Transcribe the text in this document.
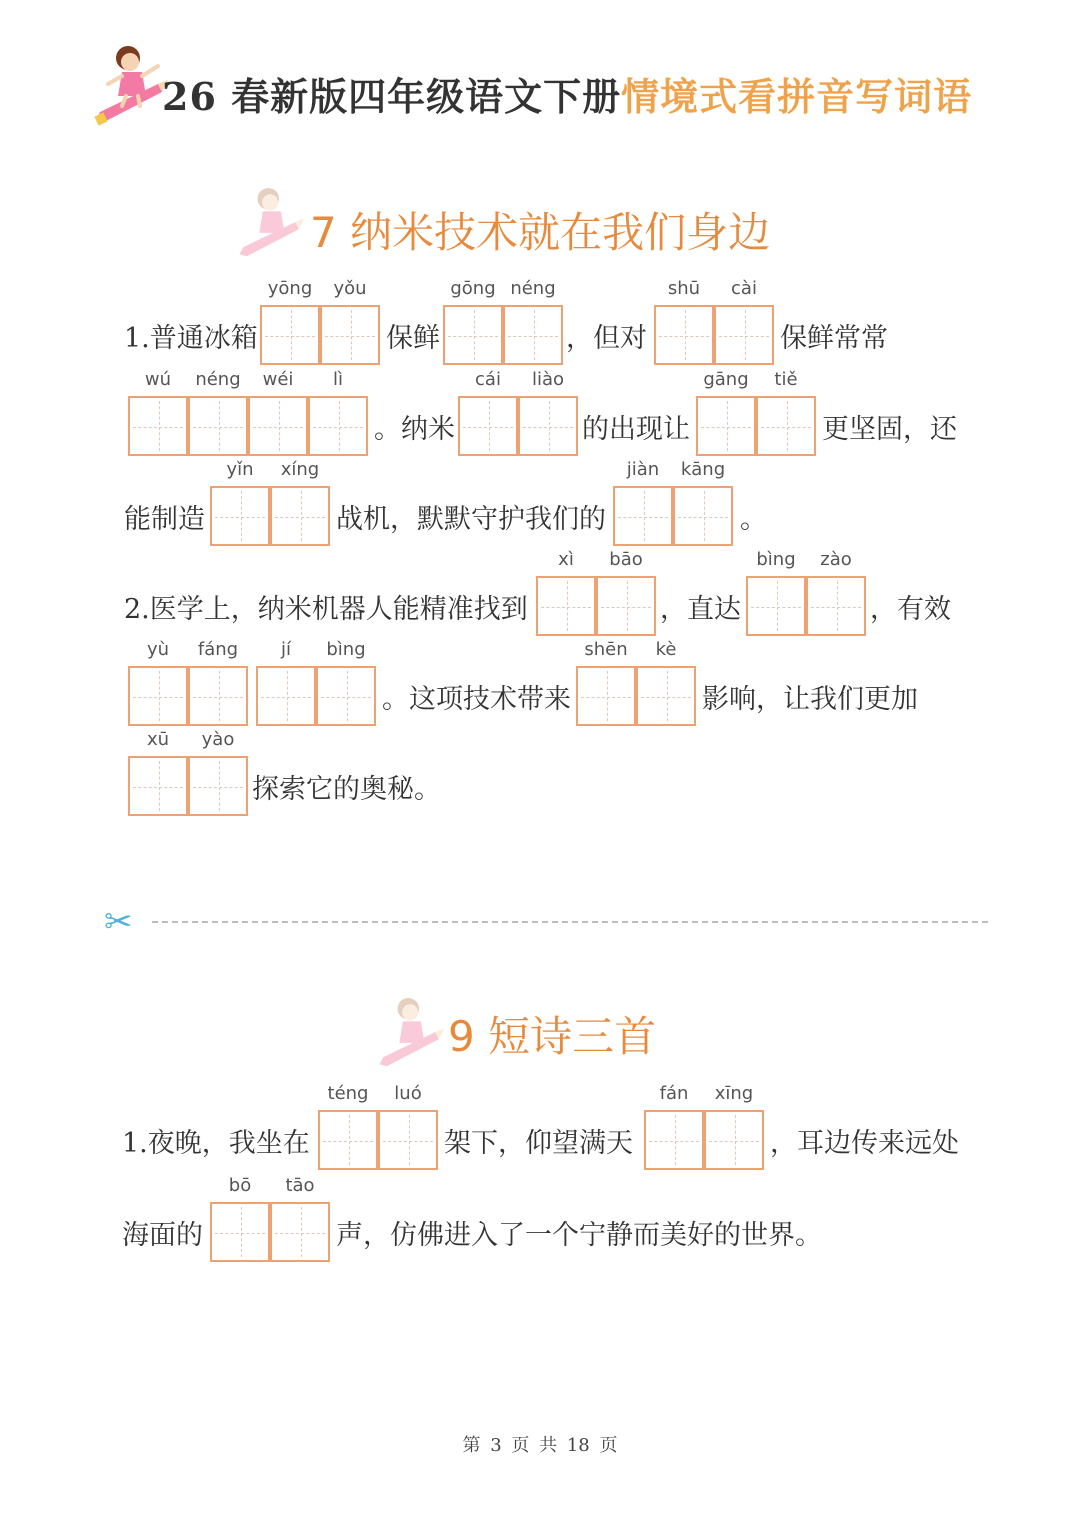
26 春新版四年级语文下册情境式看拼音写词语
7 纳米技术就在我们身边
yōng	yǒu	gōng néng	shū	cài
1.普通冰箱	保鲜	，但对	保鲜常常
wú	néng	wéi	lì	cái	liào	gāng	tiě
。纳米	的出现让	更坚固，还
yǐn	xíng	jiàn	kāng
能制造	战机，默默守护我们的	。
xì	bāo	bìng	zào
2.医学上，纳米机器人能精准找到	，直达	，有效
yù	fáng	jí	bìng	shēn	kè
。这项技术带来	影响，让我们更加
xū	yào
探索它的奥秘。
✂
9 短诗三首
téng	luó	fán	xīng
1.夜晚，我坐在	架下，仰望满天	，耳边传来远处
bō	tāo
海面的	声，仿佛进入了一个宁静而美好的世界。
第 3 页 共 18 页
